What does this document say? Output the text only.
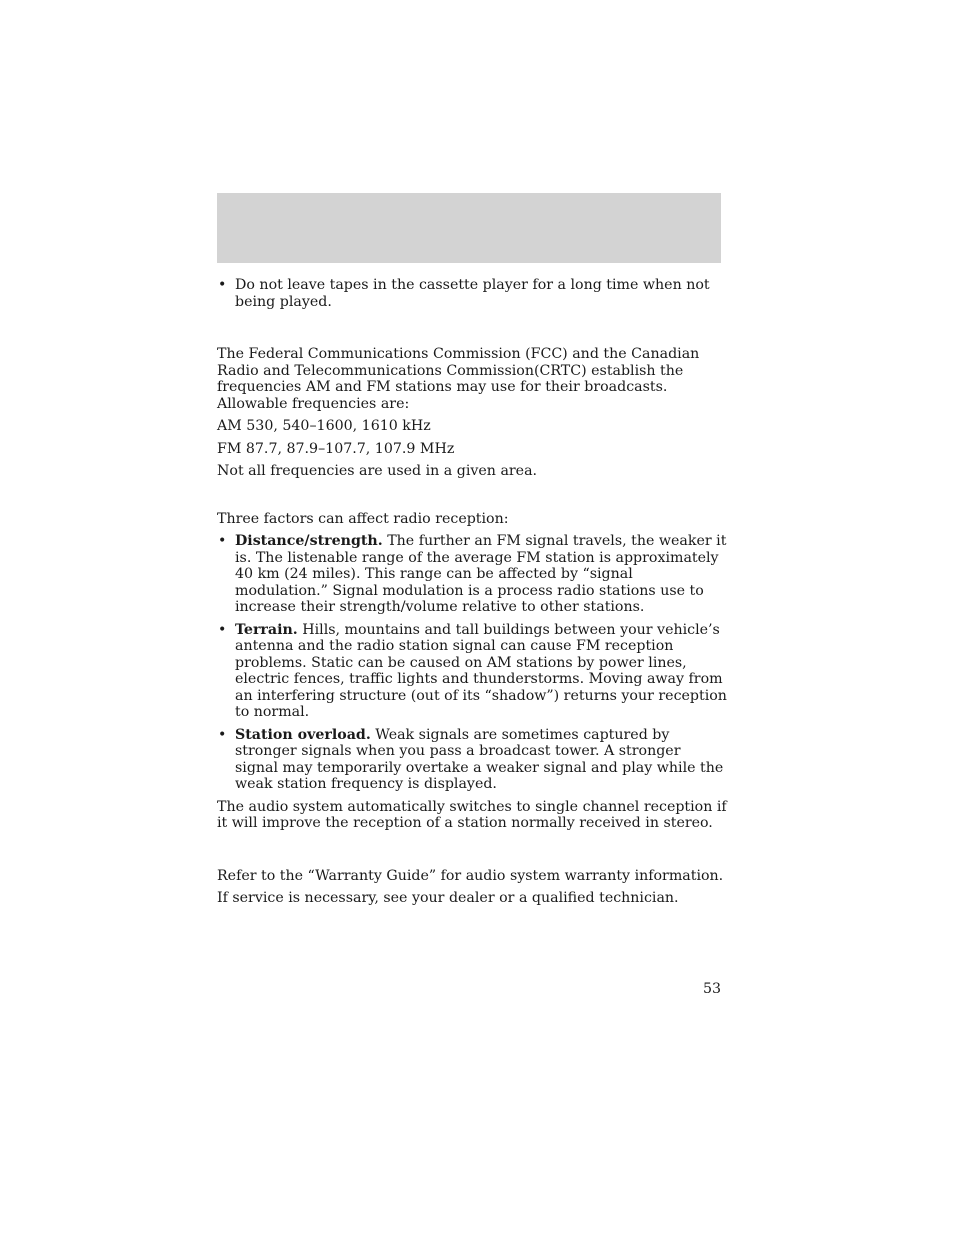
• Do not leave tapes in the cassette player for a long time when not being played.

The Federal Communications Commission (FCC) and the Canadian Radio and Telecommunications Commission(CRTC) establish the frequencies AM and FM stations may use for their broadcasts. Allowable frequencies are:

AM 530, 540–1600, 1610 kHz

FM 87.7, 87.9–107.7, 107.9 MHz

Not all frequencies are used in a given area.

Three factors can affect radio reception:

• Distance/strength. The further an FM signal travels, the weaker it is. The listenable range of the average FM station is approximately 40 km (24 miles). This range can be affected by “signal modulation.” Signal modulation is a process radio stations use to increase their strength/volume relative to other stations.

• Terrain. Hills, mountains and tall buildings between your vehicle’s antenna and the radio station signal can cause FM reception problems. Static can be caused on AM stations by power lines, electric fences, traffic lights and thunderstorms. Moving away from an interfering structure (out of its “shadow”) returns your reception to normal.

• Station overload. Weak signals are sometimes captured by stronger signals when you pass a broadcast tower. A stronger signal may temporarily overtake a weaker signal and play while the weak station frequency is displayed.

The audio system automatically switches to single channel reception if it will improve the reception of a station normally received in stereo.

Refer to the “Warranty Guide” for audio system warranty information.

If service is necessary, see your dealer or a qualified technician.

53
